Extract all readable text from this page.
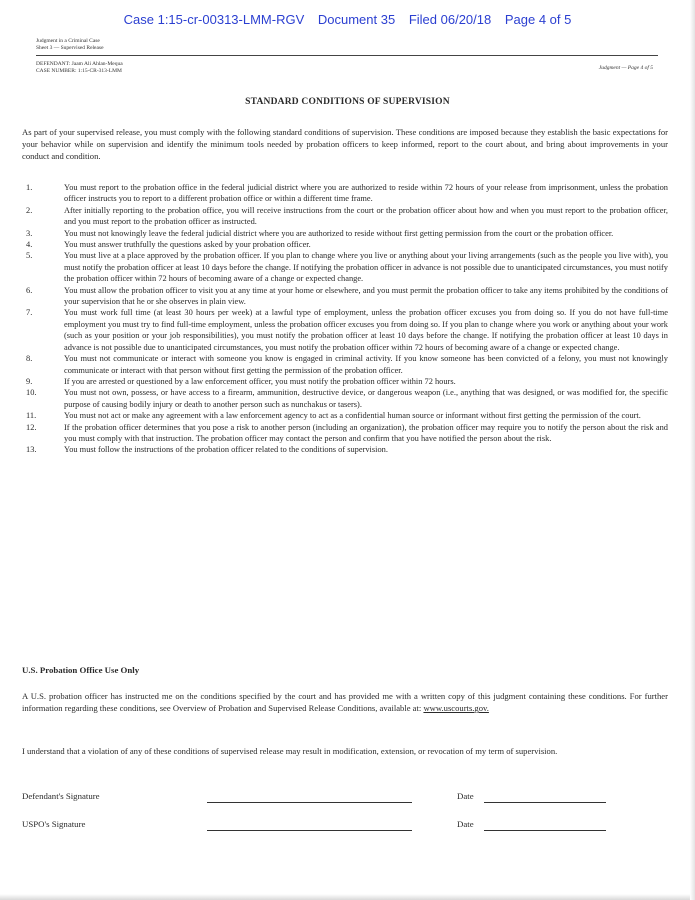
Case 1:15-cr-00313-LMM-RGV Document 35 Filed 06/20/18 Page 4 of 5
Judgment in a Criminal Case
Sheet 3 — Supervised Release
DEFENDANT: Jaam Ali Ahlan-Mequa
CASE NUMBER: 1:15-CR-313-LMM	Judgment — Page 4 of 5
STANDARD CONDITIONS OF SUPERVISION
As part of your supervised release, you must comply with the following standard conditions of supervision. These conditions are imposed because they establish the basic expectations for your behavior while on supervision and identify the minimum tools needed by probation officers to keep informed, report to the court about, and bring about improvements in your conduct and condition.
1.	You must report to the probation office in the federal judicial district where you are authorized to reside within 72 hours of your release from imprisonment, unless the probation officer instructs you to report to a different probation office or within a different time frame.
2.	After initially reporting to the probation office, you will receive instructions from the court or the probation officer about how and when you must report to the probation officer, and you must report to the probation officer as instructed.
3.	You must not knowingly leave the federal judicial district where you are authorized to reside without first getting permission from the court or the probation officer.
4.	You must answer truthfully the questions asked by your probation officer.
5.	You must live at a place approved by the probation officer. If you plan to change where you live or anything about your living arrangements (such as the people you live with), you must notify the probation officer at least 10 days before the change. If notifying the probation officer in advance is not possible due to unanticipated circumstances, you must notify the probation officer within 72 hours of becoming aware of a change or expected change.
6.	You must allow the probation officer to visit you at any time at your home or elsewhere, and you must permit the probation officer to take any items prohibited by the conditions of your supervision that he or she observes in plain view.
7.	You must work full time (at least 30 hours per week) at a lawful type of employment, unless the probation officer excuses you from doing so. If you do not have full-time employment you must try to find full-time employment, unless the probation officer excuses you from doing so. If you plan to change where you work or anything about your work (such as your position or your job responsibilities), you must notify the probation officer at least 10 days before the change. If notifying the probation officer at least 10 days in advance is not possible due to unanticipated circumstances, you must notify the probation officer within 72 hours of becoming aware of a change or expected change.
8.	You must not communicate or interact with someone you know is engaged in criminal activity. If you know someone has been convicted of a felony, you must not knowingly communicate or interact with that person without first getting the permission of the probation officer.
9.	If you are arrested or questioned by a law enforcement officer, you must notify the probation officer within 72 hours.
10.	You must not own, possess, or have access to a firearm, ammunition, destructive device, or dangerous weapon (i.e., anything that was designed, or was modified for, the specific purpose of causing bodily injury or death to another person such as nunchakus or tasers).
11.	You must not act or make any agreement with a law enforcement agency to act as a confidential human source or informant without first getting the permission of the court.
12.	If the probation officer determines that you pose a risk to another person (including an organization), the probation officer may require you to notify the person about the risk and you must comply with that instruction. The probation officer may contact the person and confirm that you have notified the person about the risk.
13.	You must follow the instructions of the probation officer related to the conditions of supervision.
U.S. Probation Office Use Only
A U.S. probation officer has instructed me on the conditions specified by the court and has provided me with a written copy of this judgment containing these conditions. For further information regarding these conditions, see Overview of Probation and Supervised Release Conditions, available at: www.uscourts.gov.
I understand that a violation of any of these conditions of supervised release may result in modification, extension, or revocation of my term of supervision.
Defendant's Signature	Date
USPO's Signature	Date
